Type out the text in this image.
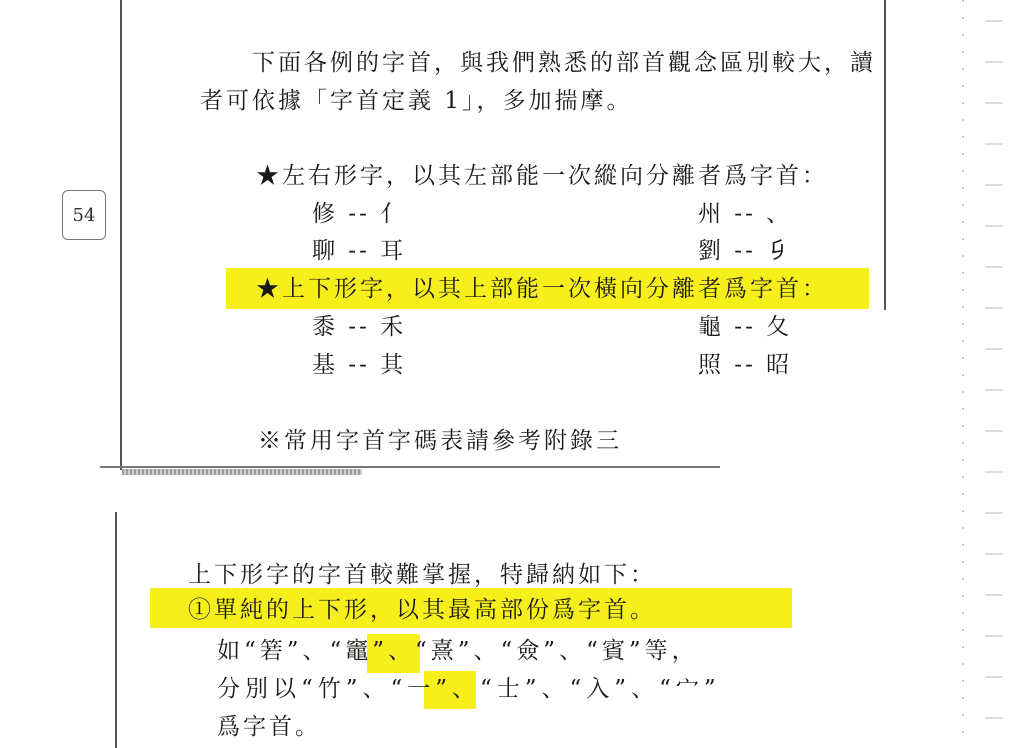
54
下面各例的字首，與我們熟悉的部首觀念區別較大，讀
者可依據「字首定義 1」，多加揣摩。
★左右形字，以其左部能一次縱向分離者爲字首：
修 -- 亻	州 -- 、
聊 -- 耳	劉 -- 𠂎
★上下形字，以其上部能一次橫向分離者爲字首：
黍 -- 禾	龜 -- 夂
基 -- 其	照 -- 昭
※常用字首字碼表請參考附錄三
上下形字的字首較難掌握，特歸納如下：
①單純的上下形，以其最高部份爲字首。
如“箬”、“竈”、“熹”、“僉”、“賓”等，
分別以“竹”、“一”、“士”、“入”、“宀”
爲字首。
